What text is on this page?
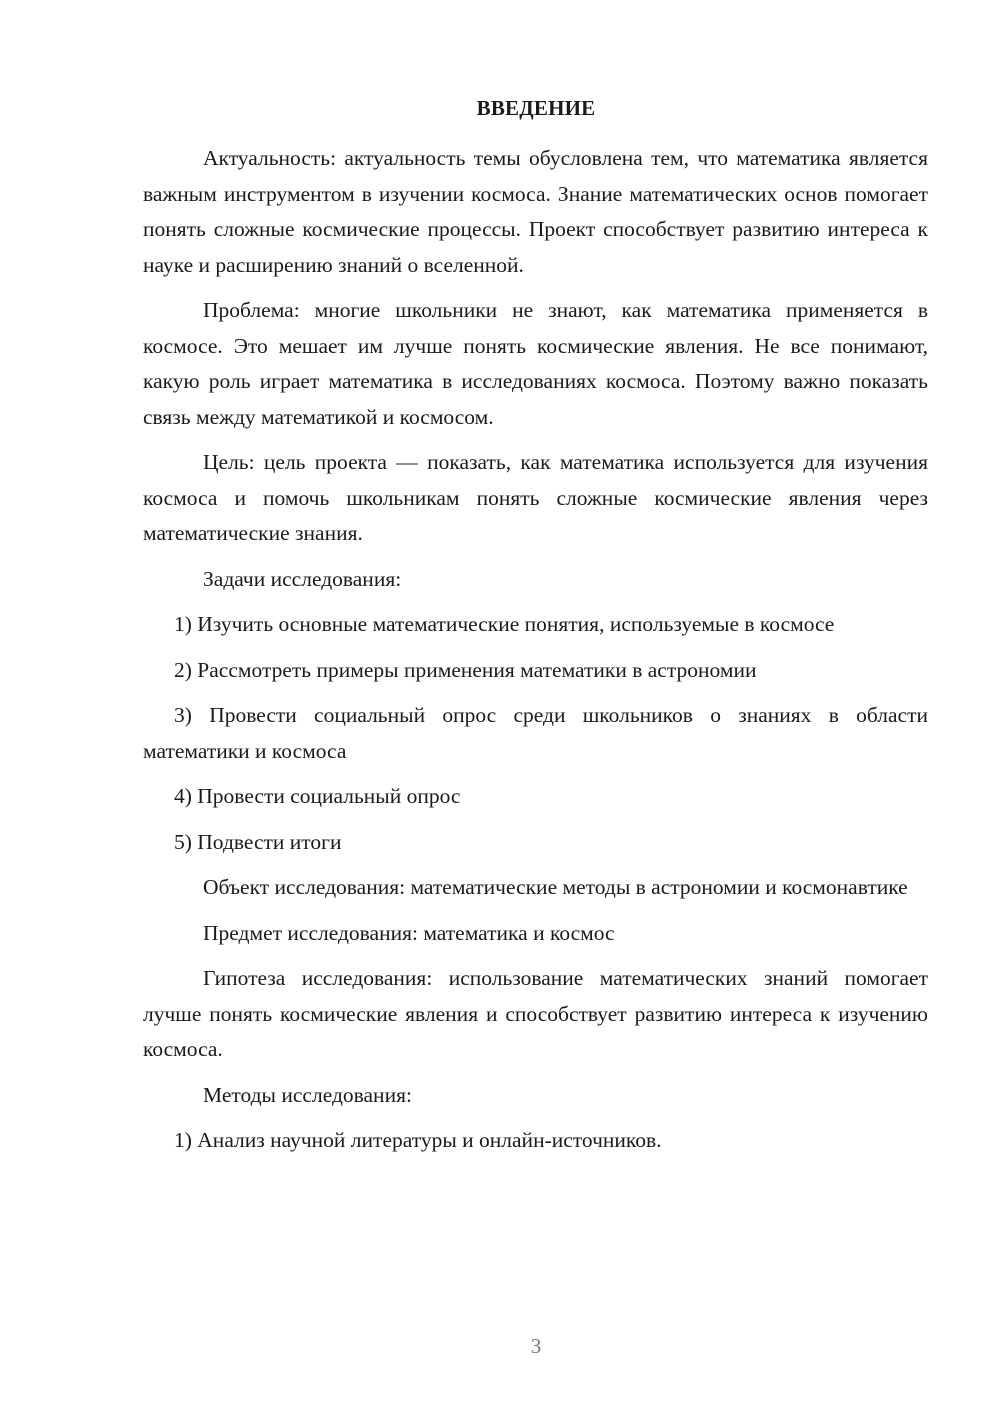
ВВЕДЕНИЕ

Актуальность: актуальность темы обусловлена тем, что математика является важным инструментом в изучении космоса. Знание математических основ помогает понять сложные космические процессы. Проект способствует развитию интереса к науке и расширению знаний о вселенной.

Проблема: многие школьники не знают, как математика применяется в космосе. Это мешает им лучше понять космические явления. Не все понимают, какую роль играет математика в исследованиях космоса. Поэтому важно показать связь между математикой и космосом.

Цель: цель проекта — показать, как математика используется для изучения космоса и помочь школьникам понять сложные космические явления через математические знания.

Задачи исследования:

1) Изучить основные математические понятия, используемые в космосе

2) Рассмотреть примеры применения математики в астрономии

3) Провести социальный опрос среди школьников о знаниях в области математики и космоса

4) Провести социальный опрос

5) Подвести итоги

Объект исследования: математические методы в астрономии и космонавтике

Предмет исследования: математика и космос

Гипотеза исследования: использование математических знаний помогает лучше понять космические явления и способствует развитию интереса к изучению космоса.

Методы исследования:

1) Анализ научной литературы и онлайн-источников.

3
